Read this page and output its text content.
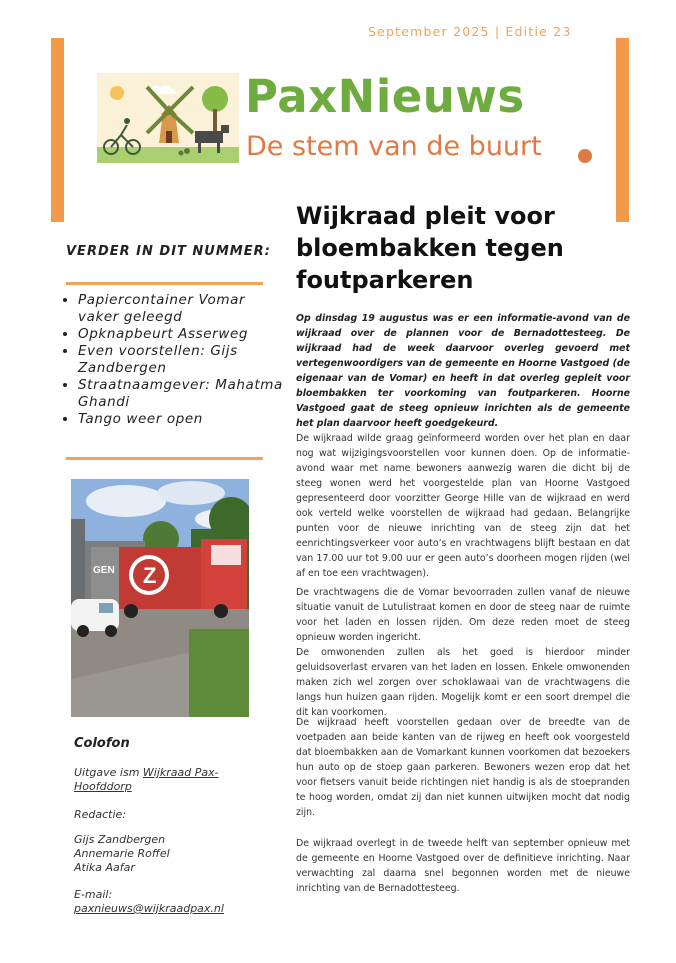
September 2025 | Editie 23
PaxNieuws
De stem van de buurt
VERDER IN DIT NUMMER:
• Papiercontainer Vomar vaker geleegd
• Opknapbeurt Asserweg
• Even voorstellen: Gijs Zandbergen
• Straatnaamgever: Mahatma Ghandi
• Tango weer open
GEN Z
Colofon
Uitgave ism Wijkraad Pax-Hoofddorp
Redactie:
Gijs Zandbergen
Annemarie Roffel
Atika Aafar
E-mail:
paxnieuws@wijkraadpax.nl
Wijkraad pleit voor bloembakken tegen foutparkeren
Op dinsdag 19 augustus was er een informatie-avond van de wijkraad over de plannen voor de Bernadottesteeg. De wijkraad had de week daarvoor overleg gevoerd met vertegenwoordigers van de gemeente en Hoorne Vastgoed (de eigenaar van de Vomar) en heeft in dat overleg gepleit voor bloembakken ter voorkoming van foutparkeren. Hoorne Vastgoed gaat de steeg opnieuw inrichten als de gemeente het plan daarvoor heeft goedgekeurd.

De wijkraad wilde graag geïnformeerd worden over het plan en daar nog wat wijzigingsvoorstellen voor kunnen doen. Op de informatie-avond waar met name bewoners aanwezig waren die dicht bij de steeg wonen werd het voorgestelde plan van Hoorne Vastgoed gepresenteerd door voorzitter George Hille van de wijkraad en werd ook verteld welke voorstellen de wijkraad had gedaan. Belangrijke punten voor de nieuwe inrichting van de steeg zijn dat het eenrichtingsverkeer voor auto’s en vrachtwagens blijft bestaan en dat van 17.00 uur tot 9.00 uur er geen auto’s doorheen mogen rijden (wel af en toe een vrachtwagen).

De vrachtwagens die de Vomar bevoorraden zullen vanaf de nieuwe situatie vanuit de Lutulistraat komen en door de steeg naar de ruimte voor het laden en lossen rijden. Om deze reden moet de steeg opnieuw worden ingericht.

De omwonenden zullen als het goed is hierdoor minder geluidsoverlast ervaren van het laden en lossen. Enkele omwonenden maken zich wel zorgen over schoklawaai van de vrachtwagens die langs hun huizen gaan rijden. Mogelijk komt er een soort drempel die dit kan voorkomen.

De wijkraad heeft voorstellen gedaan over de breedte van de voetpaden aan beide kanten van de rijweg en heeft ook voorgesteld dat bloembakken aan de Vomarkant kunnen voorkomen dat bezoekers hun auto op de stoep gaan parkeren. Bewoners wezen erop dat het voor fietsers vanuit beide richtingen niet handig is als de stoepranden te hoog worden, omdat zij dan niet kunnen uitwijken mocht dat nodig zijn.

De wijkraad overlegt in de tweede helft van september opnieuw met de gemeente en Hoorne Vastgoed over de definitieve inrichting. Naar verwachting zal daarna snel begonnen worden met de nieuwe inrichting van de Bernadottesteeg.
